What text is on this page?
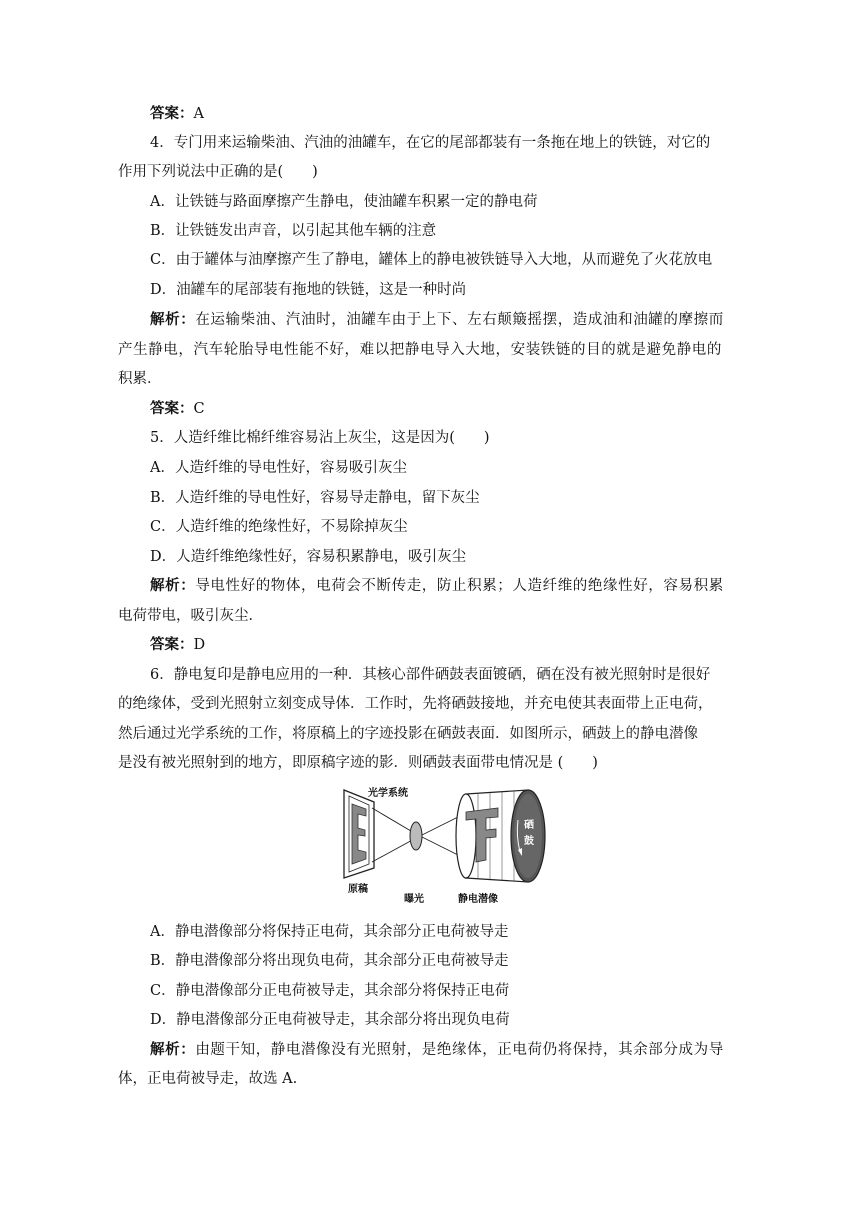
答案：A
4．专门用来运输柴油、汽油的油罐车，在它的尾部都装有一条拖在地上的铁链，对它的
作用下列说法中正确的是(　　)
A．让铁链与路面摩擦产生静电，使油罐车积累一定的静电荷
B．让铁链发出声音，以引起其他车辆的注意
C．由于罐体与油摩擦产生了静电，罐体上的静电被铁链导入大地，从而避免了火花放电
D．油罐车的尾部装有拖地的铁链，这是一种时尚
解析：在运输柴油、汽油时，油罐车由于上下、左右颠簸摇摆，造成油和油罐的摩擦而
产生静电，汽车轮胎导电性能不好，难以把静电导入大地，安装铁链的目的就是避免静电的
积累．
答案：C
5．人造纤维比棉纤维容易沾上灰尘，这是因为(　　)
A．人造纤维的导电性好，容易吸引灰尘
B．人造纤维的导电性好，容易导走静电，留下灰尘
C．人造纤维的绝缘性好，不易除掉灰尘
D．人造纤维绝缘性好，容易积累静电，吸引灰尘
解析：导电性好的物体，电荷会不断传走，防止积累；人造纤维的绝缘性好，容易积累
电荷带电，吸引灰尘．
答案：D
6．静电复印是静电应用的一种．其核心部件硒鼓表面镀硒，硒在没有被光照射时是很好
的绝缘体，受到光照射立刻变成导体．工作时，先将硒鼓接地，并充电使其表面带上正电荷，
然后通过光学系统的工作，将原稿上的字迹投影在硒鼓表面．如图所示，硒鼓上的静电潜像
是没有被光照射到的地方，即原稿字迹的影．则硒鼓表面带电情况是 (　　)
光学系统
硒
鼓
原稿
曝光	静电潜像
A．静电潜像部分将保持正电荷，其余部分正电荷被导走
B．静电潜像部分将出现负电荷，其余部分正电荷被导走
C．静电潜像部分正电荷被导走，其余部分将保持正电荷
D．静电潜像部分正电荷被导走，其余部分将出现负电荷
解析：由题干知，静电潜像没有光照射，是绝缘体，正电荷仍将保持，其余部分成为导
体，正电荷被导走，故选 A.
